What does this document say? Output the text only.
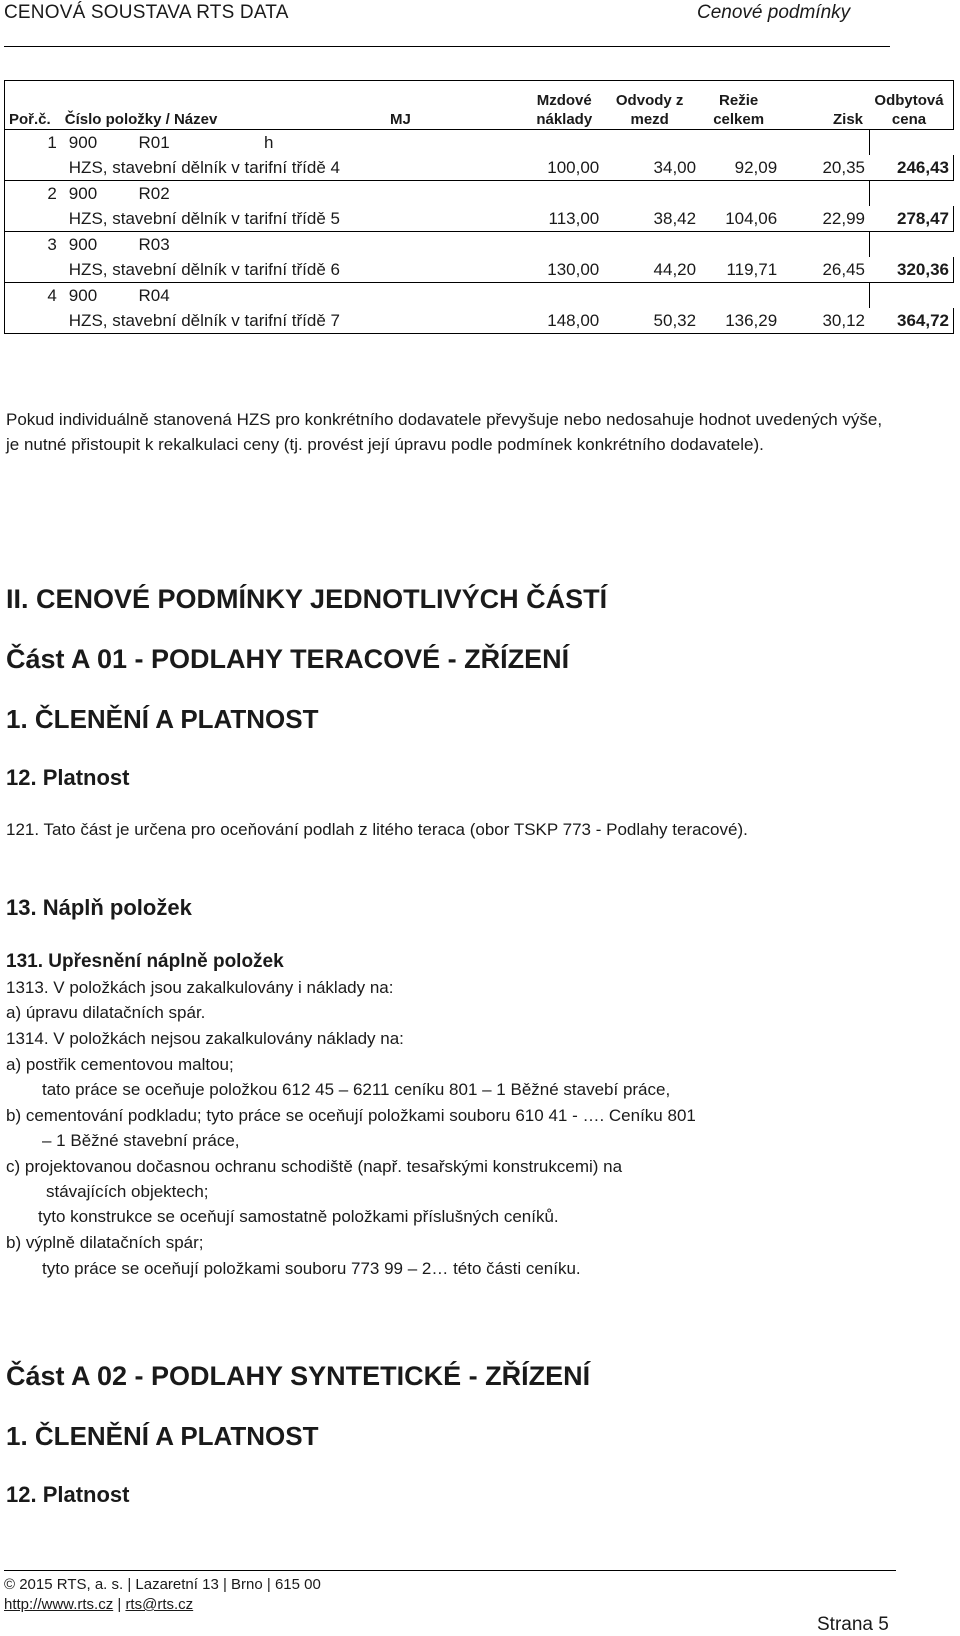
CENOVÁ SOUSTAVA RTS DATA	Cenové podmínky
Poř.č.	Číslo položky / Název	MJ	Mzdové náklady	Odvody z mezd	Režie celkem	Zisk	Odbytová cena

1	900	R01	h	
	HZS, stavební dělník v tarifní třídě 4	100,00	34,00	92,09	20,35	246,43
2	900	R02		
	HZS, stavební dělník v tarifní třídě 5	113,00	38,42	104,06	22,99	278,47
3	900	R03		
	HZS, stavební dělník v tarifní třídě 6	130,00	44,20	119,71	26,45	320,36
4	900	R04		
	HZS, stavební dělník v tarifní třídě 7	148,00	50,32	136,29	30,12	364,72
Pokud individuálně stanovená HZS pro konkrétního dodavatele převyšuje nebo nedosahuje hodnot uvedených výše, je nutné přistoupit k rekalkulaci ceny (tj. provést její úpravu podle podmínek konkrétního dodavatele).
II. CENOVÉ PODMÍNKY JEDNOTLIVÝCH ČÁSTÍ
Část A 01 - PODLAHY TERACOVÉ - ZŘÍZENÍ
1. ČLENĚNÍ A PLATNOST
12. Platnost
121. Tato část je určena pro oceňování podlah z litého teraca (obor TSKP 773 - Podlahy teracové).
13. Náplň položek
131. Upřesnění náplně položek
1313. V položkách jsou zakalkulovány i náklady na:
a) úpravu dilatačních spár.
1314. V položkách nejsou zakalkulovány náklady na:
a) postřik cementovou maltou;
tato práce se oceňuje položkou 612 45 – 6211 ceníku 801 – 1 Běžné stavebí práce,
b) cementování podkladu; tyto práce se oceňují položkami souboru 610 41 - …. Ceníku 801
– 1 Běžné stavební práce,
c) projektovanou dočasnou ochranu schodiště (např. tesařskými konstrukcemi) na
stávajících objektech;
tyto konstrukce se oceňují samostatně položkami příslušných ceníků.
b) výplně dilatačních spár;
tyto práce se oceňují položkami souboru 773 99 – 2… této části ceníku.
Část A 02 - PODLAHY SYNTETICKÉ - ZŘÍZENÍ
1. ČLENĚNÍ A PLATNOST
12. Platnost
© 2015 RTS, a. s. | Lazaretní 13 | Brno | 615 00
http://www.rts.cz | rts@rts.cz
Strana 5
